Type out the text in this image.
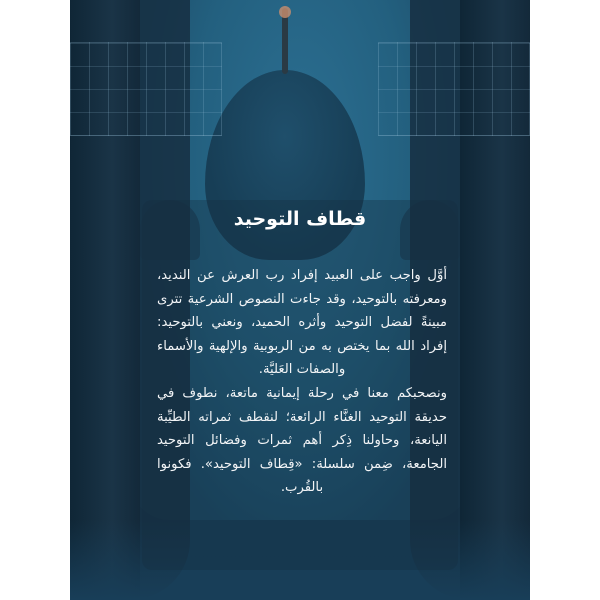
قطاف التوحيد

أوَّل واجب على العبيد إفراد رب العرش عن النديد، ومعرفته بالتوحيد، وقد جاءت النصوص الشرعية تترى مبينةً لفضل التوحيد وأثره الحميد، ونعني بالتوحيد: إفراد الله بما يختص به من الربوبية والإلهية والأسماء والصفات العَليَّة.

ونصحبكم معنا في رحلة إيمانية ماتعة، نطوف في حديقة التوحيد الغنَّاء الرائعة؛ لنقطف ثمراته الطيِّبة اليانعة، وحاولنا ذِكر أهم ثمرات وفضائل التوحيد الجامعة، ضِمن سلسلة: «قِطاف التوحيد». فكونوا بالقُرب.
